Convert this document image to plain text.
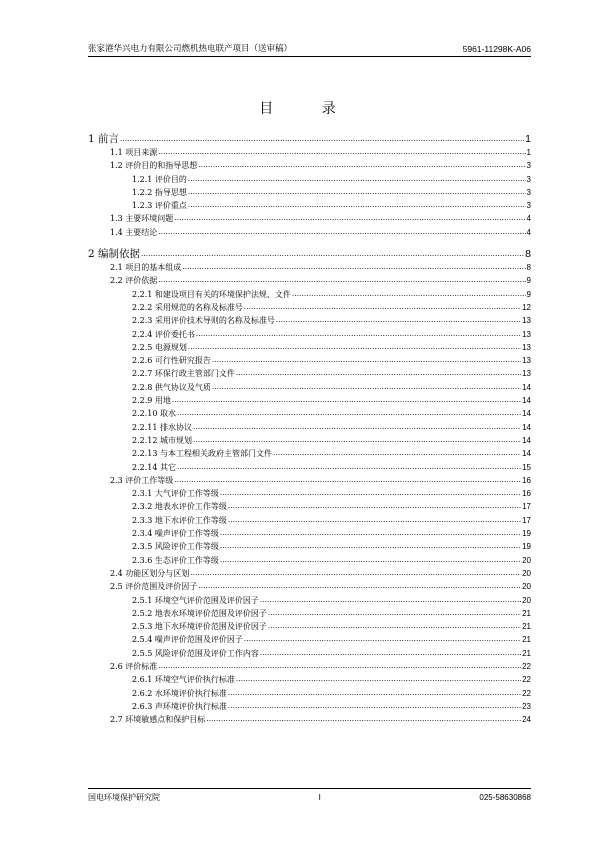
张家港华兴电力有限公司燃机热电联产项目（送审稿）	5961-11298K-A06
目 录
1 前言 .....	1
1.1 项目来源 .....	1
1.2 评价目的和指导思想 .....	3
1.2.1 评价目的 .....	3
1.2.2 指导思想 .....	3
1.2.3 评价重点 .....	3
1.3 主要环境问题 .....	4
1.4 主要结论 .....	4
2 编制依据 .....	8
2.1 项目的基本组成 .....	8
2.2 评价依据 .....	9
2.2.1 和建设项目有关的环境保护法规、文件 .....	9
2.2.2 采用规范的名称及标准号 .....	12
2.2.3 采用评价技术导则的名称及标准号 .....	13
2.2.4 评价委托书 .....	13
2.2.5 电源规划 .....	13
2.2.6 可行性研究报告 .....	13
2.2.7 环保行政主管部门文件 .....	13
2.2.8 供气协议及气质 .....	14
2.2.9 用地 .....	14
2.2.10 取水 .....	14
2.2.11 排水协议 .....	14
2.2.12 城市规划 .....	14
2.2.13 与本工程相关政府主管部门文件 .....	14
2.2.14 其它 .....	15
2.3 评价工作等级 .....	16
2.3.1 大气评价工作等级 .....	16
2.3.2 地表水评价工作等级 .....	17
2.3.3 地下水评价工作等级 .....	17
2.3.4 噪声评价工作等级 .....	19
2.3.5 风险评价工作等级 .....	19
2.3.6 生态评价工作等级 .....	20
2.4 功能区划分与区划 .....	20
2.5 评价范围及评价因子 .....	20
2.5.1 环境空气评价范围及评价因子 .....	20
2.5.2 地表水环境评价范围及评价因子 .....	21
2.5.3 地下水环境评价范围及评价因子 .....	21
2.5.4 噪声评价范围及评价因子 .....	21
2.5.5 风险评价范围及评价工作内容 .....	21
2.6 评价标准 .....	22
2.6.1 环境空气评价执行标准 .....	22
2.6.2 水环境评价执行标准 .....	22
2.6.3 声环境评价执行标准 .....	23
2.7 环境敏感点和保护目标 .....	24
国电环境保护研究院	I	025-58630868
